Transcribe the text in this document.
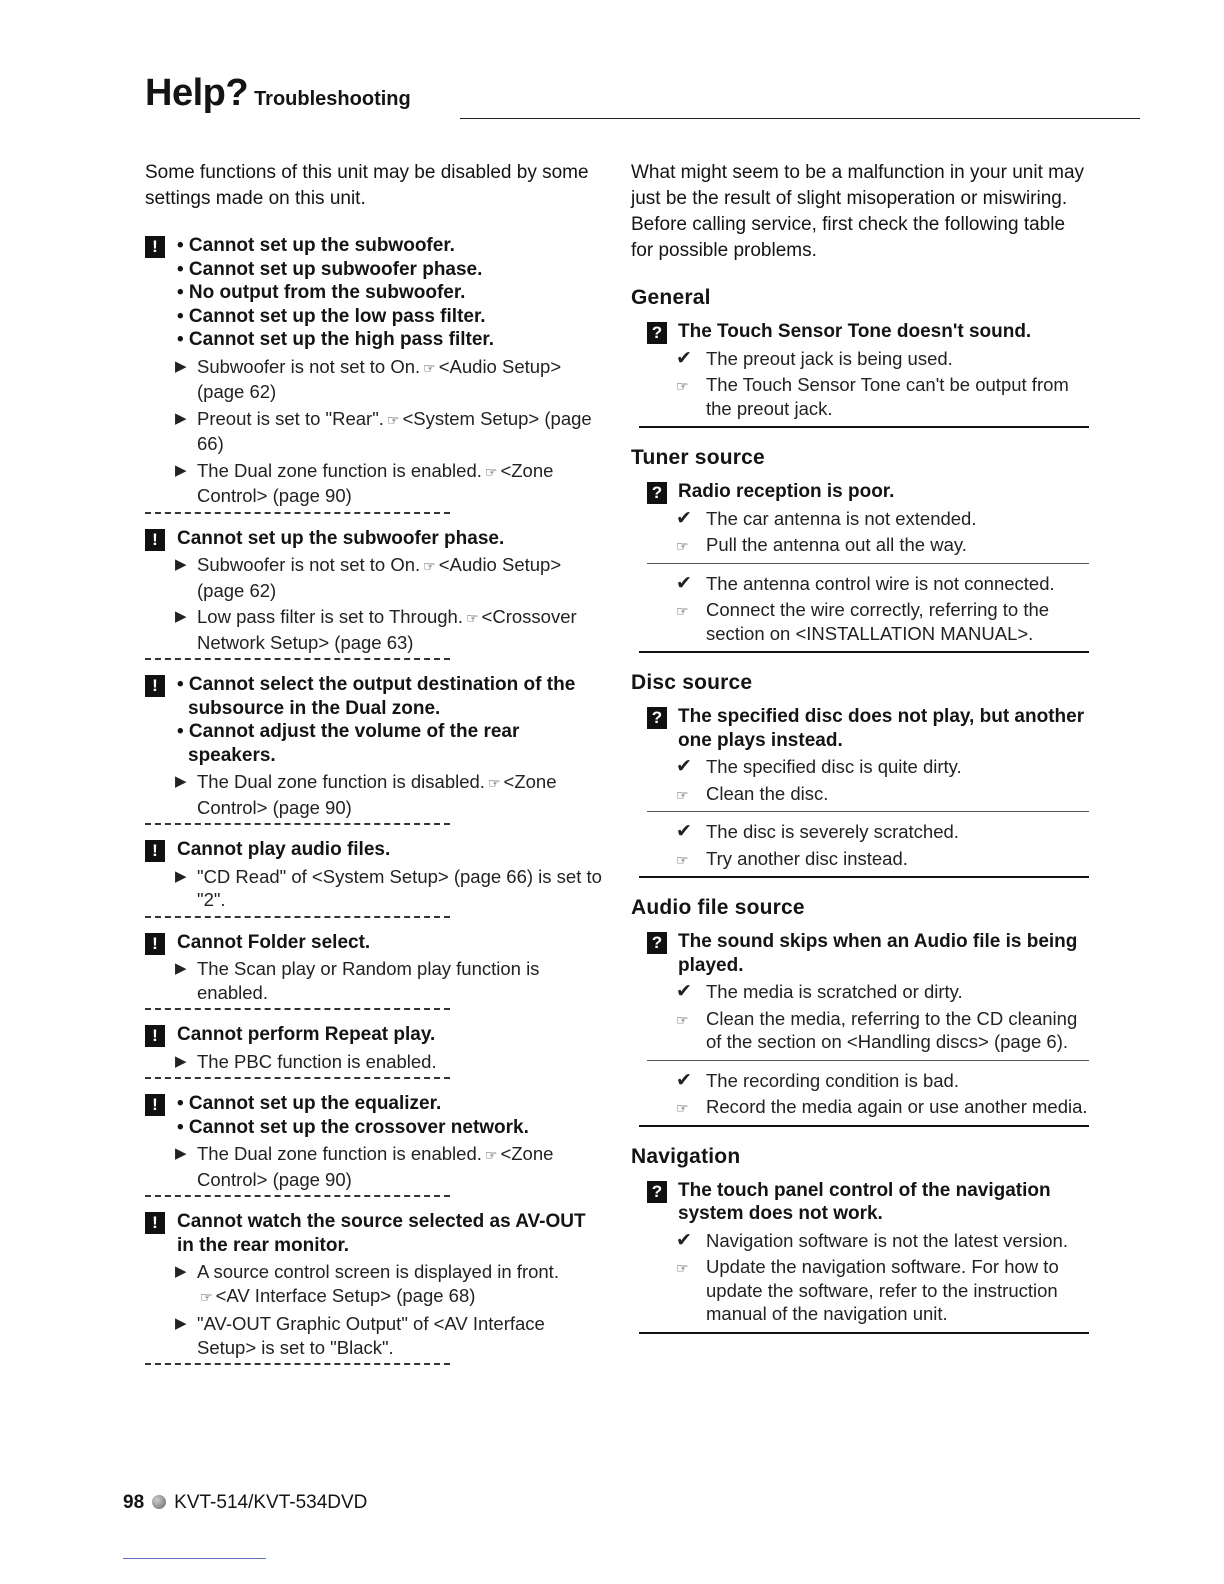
Help? Troubleshooting

Some functions of this unit may be disabled by some settings made on this unit.

!	• Cannot set up the subwoofer.
• Cannot set up subwoofer phase.
• No output from the subwoofer.
• Cannot set up the low pass filter.
• Cannot set up the high pass filter.
▶ Subwoofer is not set to On. ☞ <Audio Setup> (page 62)
▶ Preout is set to "Rear". ☞ <System Setup> (page 66)
▶ The Dual zone function is enabled. ☞ <Zone Control> (page 90)
!	Cannot set up the subwoofer phase.
▶ Subwoofer is not set to On. ☞ <Audio Setup> (page 62)
▶ Low pass filter is set to Through. ☞ <Crossover Network Setup> (page 63)
!	• Cannot select the output destination of the subsource in the Dual zone.
• Cannot adjust the volume of the rear speakers.
▶ The Dual zone function is disabled. ☞ <Zone Control> (page 90)
!	Cannot play audio files.
▶ "CD Read" of <System Setup> (page 66) is set to "2".
!	Cannot Folder select.
▶ The Scan play or Random play function is enabled.
!	Cannot perform Repeat play.
▶ The PBC function is enabled.
!	• Cannot set up the equalizer.
• Cannot set up the crossover network.
▶ The Dual zone function is enabled. ☞ <Zone Control> (page 90)
!	Cannot watch the source selected as AV-OUT in the rear monitor.
▶ A source control screen is displayed in front.
☞ <AV Interface Setup> (page 68)
▶ "AV-OUT Graphic Output" of <AV Interface Setup> is set to "Black".

What might seem to be a malfunction in your unit may just be the result of slight misoperation or miswiring. Before calling service, first check the following table for possible problems.

General
? The Touch Sensor Tone doesn't sound.
✔ The preout jack is being used.
☞ The Touch Sensor Tone can't be output from the preout jack.
Tuner source
? Radio reception is poor.
✔ The car antenna is not extended.
☞ Pull the antenna out all the way.
✔ The antenna control wire is not connected.
☞ Connect the wire correctly, referring to the section on <INSTALLATION MANUAL>.
Disc source
? The specified disc does not play, but another one plays instead.
✔ The specified disc is quite dirty.
☞ Clean the disc.
✔ The disc is severely scratched.
☞ Try another disc instead.
Audio file source
? The sound skips when an Audio file is being played.
✔ The media is scratched or dirty.
☞ Clean the media, referring to the CD cleaning of the section on <Handling discs> (page 6).
✔ The recording condition is bad.
☞ Record the media again or use another media.
Navigation
? The touch panel control of the navigation system does not work.
✔ Navigation software is not the latest version.
☞ Update the navigation software. For how to update the software, refer to the instruction manual of the navigation unit.
98 KVT-514/KVT-534DVD
